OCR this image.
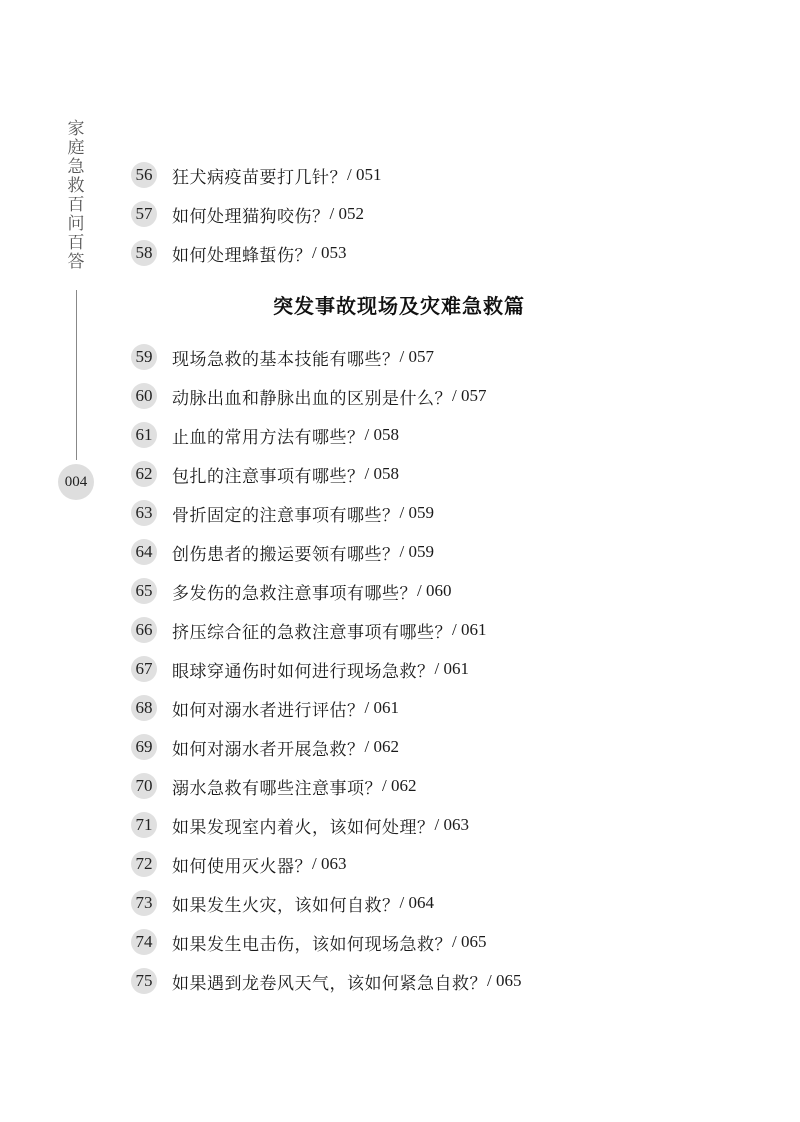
家庭急救百问百答
004
56 狂犬病疫苗要打几针？ / 051
57 如何处理猫狗咬伤？ / 052
58 如何处理蜂蜇伤？ / 053
突发事故现场及灾难急救篇
59 现场急救的基本技能有哪些？ / 057
60 动脉出血和静脉出血的区别是什么？ / 057
61 止血的常用方法有哪些？ / 058
62 包扎的注意事项有哪些？ / 058
63 骨折固定的注意事项有哪些？ / 059
64 创伤患者的搬运要领有哪些？ / 059
65 多发伤的急救注意事项有哪些？ / 060
66 挤压综合征的急救注意事项有哪些？ / 061
67 眼球穿通伤时如何进行现场急救？ / 061
68 如何对溺水者进行评估？ / 061
69 如何对溺水者开展急救？ / 062
70 溺水急救有哪些注意事项？ / 062
71 如果发现室内着火，该如何处理？ / 063
72 如何使用灭火器？ / 063
73 如果发生火灾，该如何自救？ / 064
74 如果发生电击伤，该如何现场急救？ / 065
75 如果遇到龙卷风天气，该如何紧急自救？ / 065
